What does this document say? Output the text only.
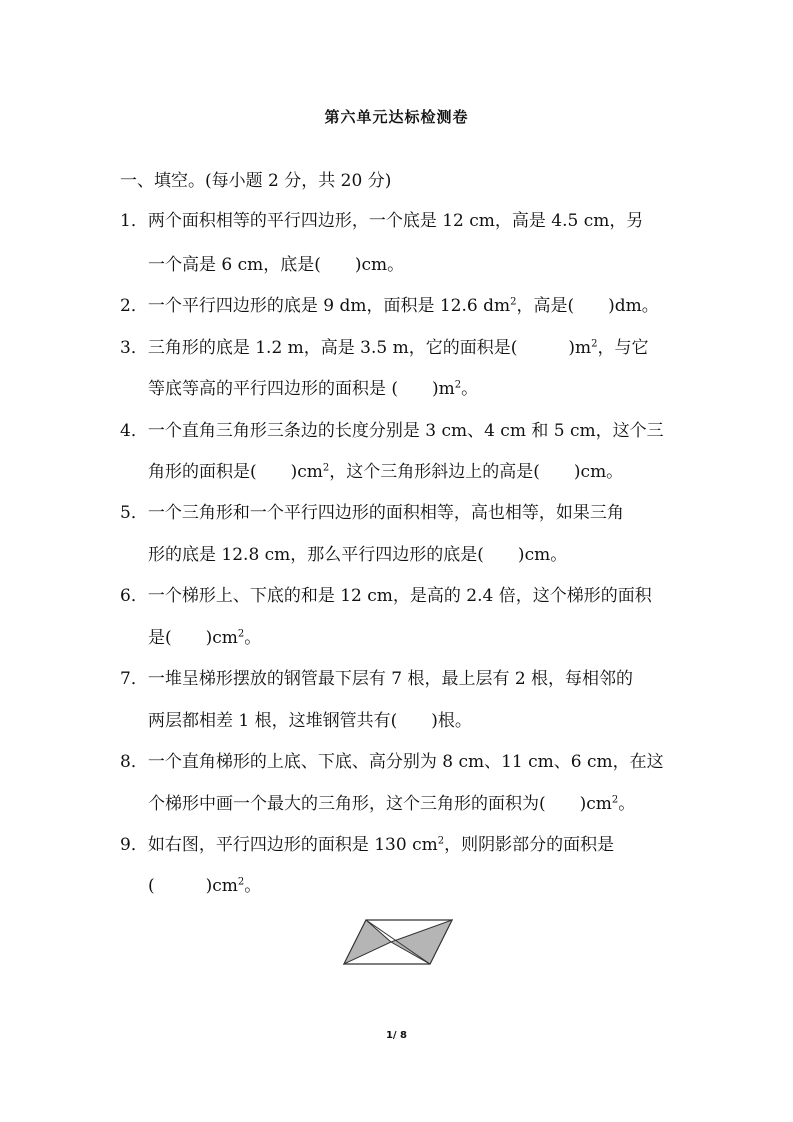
第六单元达标检测卷
一、填空。(每小题 2 分，共 20 分)
1．两个面积相等的平行四边形，一个底是 12 cm，高是 4.5 cm，另
一个高是 6 cm，底是(　　)cm。
2．一个平行四边形的底是 9 dm，面积是 12.6 $dm^2$，高是(　　)dm。
3．三角形的底是 1.2 m，高是 3.5 m，它的面积是(　　　)$m^2$，与它
等底等高的平行四边形的面积是 (　　)$m^2$。
4．一个直角三角形三条边的长度分别是 3 cm、4 cm 和 5 cm，这个三
角形的面积是(　　)$cm^2$，这个三角形斜边上的高是(　　)cm。
5．一个三角形和一个平行四边形的面积相等，高也相等，如果三角
形的底是 12.8 cm，那么平行四边形的底是(　　)cm。
6．一个梯形上、下底的和是 12 cm，是高的 2.4 倍，这个梯形的面积
是(　　)$cm^2$。
7．一堆呈梯形摆放的钢管最下层有 7 根，最上层有 2 根，每相邻的
两层都相差 1 根，这堆钢管共有(　　)根。
8．一个直角梯形的上底、下底、高分别为 8 cm、11 cm、6 cm，在这
个梯形中画一个最大的三角形，这个三角形的面积为(　　)$cm^2$。
9．如右图，平行四边形的面积是 130 $cm^2$，则阴影部分的面积是
(　　　)$cm^2$。
1/ 8
